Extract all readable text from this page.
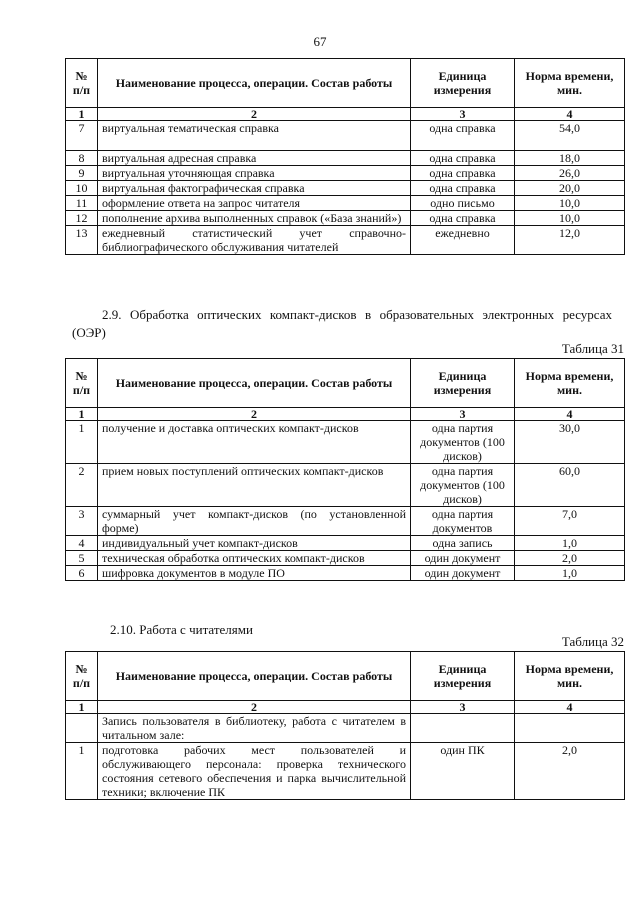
67
№ п/п	Наименование процесса, операции. Состав работы	Единица измерения	Норма времени, мин.
1	2	3	4
7	виртуальная тематическая справка	одна справка	54,0
8	виртуальная адресная справка	одна справка	18,0
9	виртуальная уточняющая справка	одна справка	26,0
10	виртуальная фактографическая справка	одна справка	20,0
11	оформление ответа на запрос читателя	одно письмо	10,0
12	пополнение архива выполненных справок («База знаний»)	одна справка	10,0
13	ежедневный статистический учет справочно-библиографического обслуживания читателей	ежедневно	12,0
2.9. Обработка оптических компакт-дисков в образовательных электронных ресурсах (ОЭР)
Таблица 31
№ п/п	Наименование процесса, операции. Состав работы	Единица измерения	Норма времени, мин.
1	2	3	4
1	получение и доставка оптических компакт-дисков	одна партия документов (100 дисков)	30,0
2	прием новых поступлений оптических компакт-дисков	одна партия документов (100 дисков)	60,0
3	суммарный учет компакт-дисков (по установленной форме)	одна партия документов	7,0
4	индивидуальный учет компакт-дисков	одна запись	1,0
5	техническая обработка оптических компакт-дисков	один документ	2,0
6	шифровка документов в модуле ПО	один документ	1,0
2.10. Работа с читателями
Таблица 32
№ п/п	Наименование процесса, операции. Состав работы	Единица измерения	Норма времени, мин.
1	2	3	4
	Запись пользователя в библиотеку, работа с читателем в читальном зале:		
1	подготовка рабочих мест пользователей и обслуживающего персонала: проверка технического состояния сетевого обеспечения и парка вычислительной техники; включение ПК	один ПК	2,0
